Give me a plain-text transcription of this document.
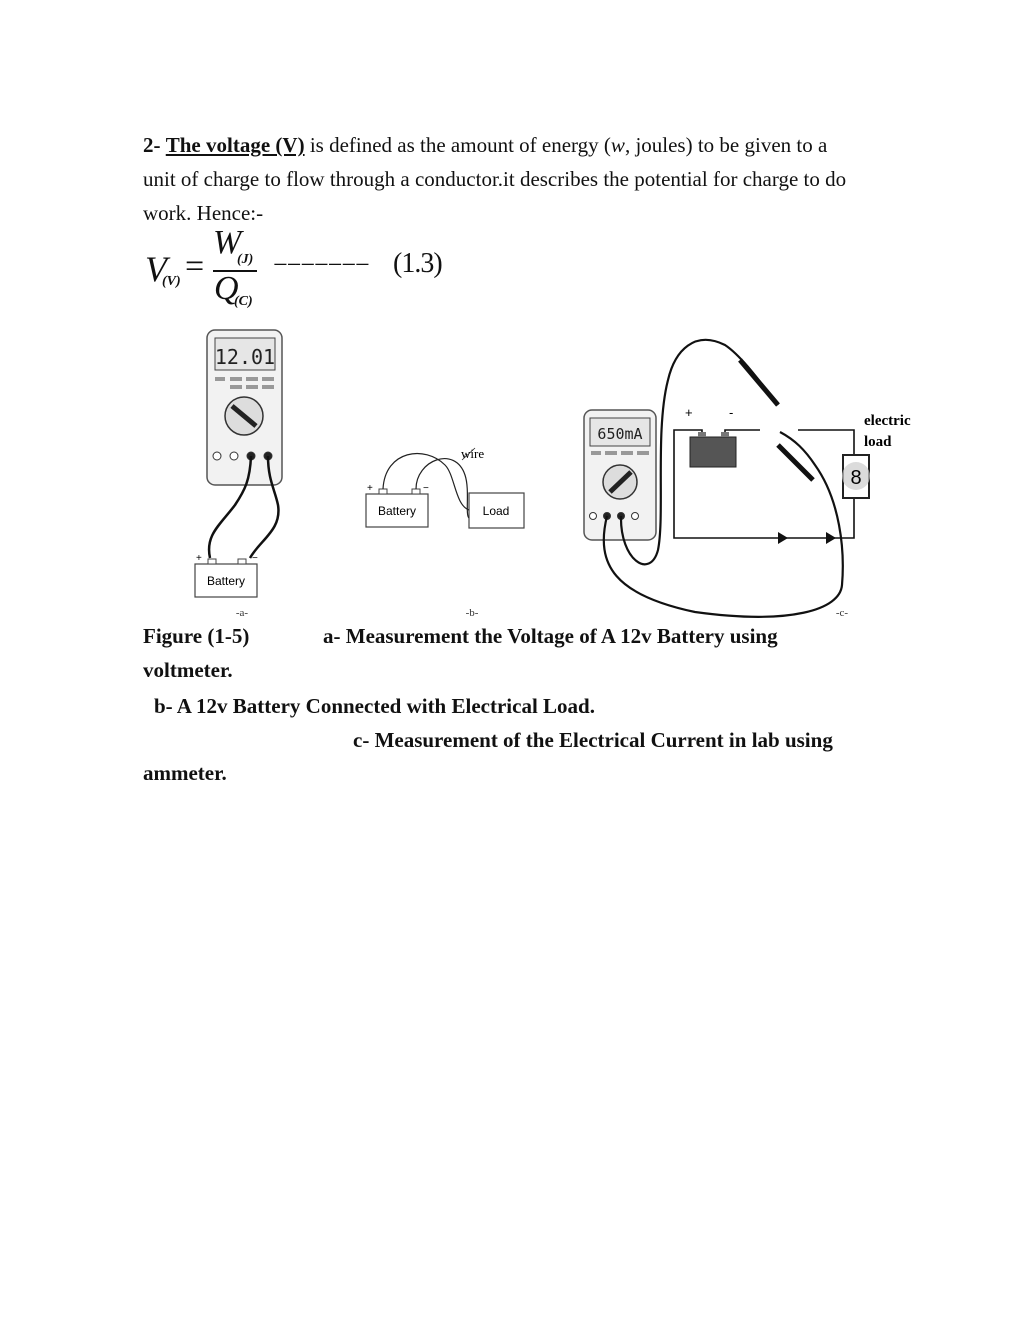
2- The voltage (V) is defined as the amount of energy (w, joules) to be given to a

unit of charge to flow through a conductor.it describes the potential for charge to do

work. Hence:-

V
(V) =
W
(J)
Q
(C)
−−−−−−− (1.3)
12.01
+	−
Battery
-a-
+	−
Battery	Load
wire
-b-
650mA
+	-
8
electric
load
-c-
Figure (1-5)	a- Measurement the Voltage of A 12v Battery using
voltmeter.
b- A 12v Battery Connected with Electrical Load.
c- Measurement of the Electrical Current in lab using
ammeter.
